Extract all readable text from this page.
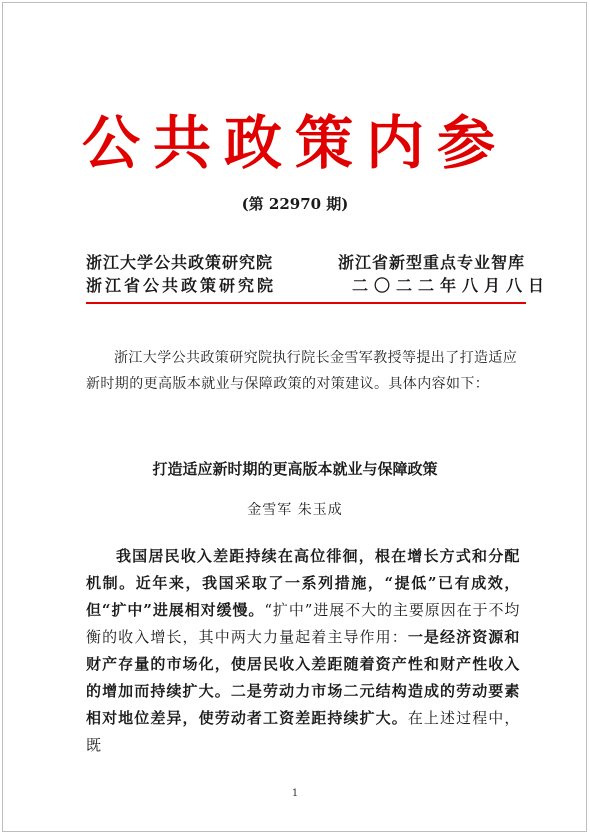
公共政策内参
(第 22970 期)
浙江大学公共政策研究院
浙江省公共政策研究院
浙江省新型重点专业智库
二〇二二年八月八日
浙江大学公共政策研究院执行院长金雪军教授等提出了打造适应新时期的更高版本就业与保障政策的对策建议。具体内容如下：
打造适应新时期的更高版本就业与保障政策
金雪军 朱玉成
我国居民收入差距持续在高位徘徊，根在增长方式和分配机制。近年来，我国采取了一系列措施，“提低”已有成效，但“扩中”进展相对缓慢。“扩中”进展不大的主要原因在于不均衡的收入增长，其中两大力量起着主导作用：一是经济资源和财产存量的市场化，使居民收入差距随着资产性和财产性收入的增加而持续扩大。二是劳动力市场二元结构造成的劳动要素相对地位差异，使劳动者工资差距持续扩大。在上述过程中，既
1
